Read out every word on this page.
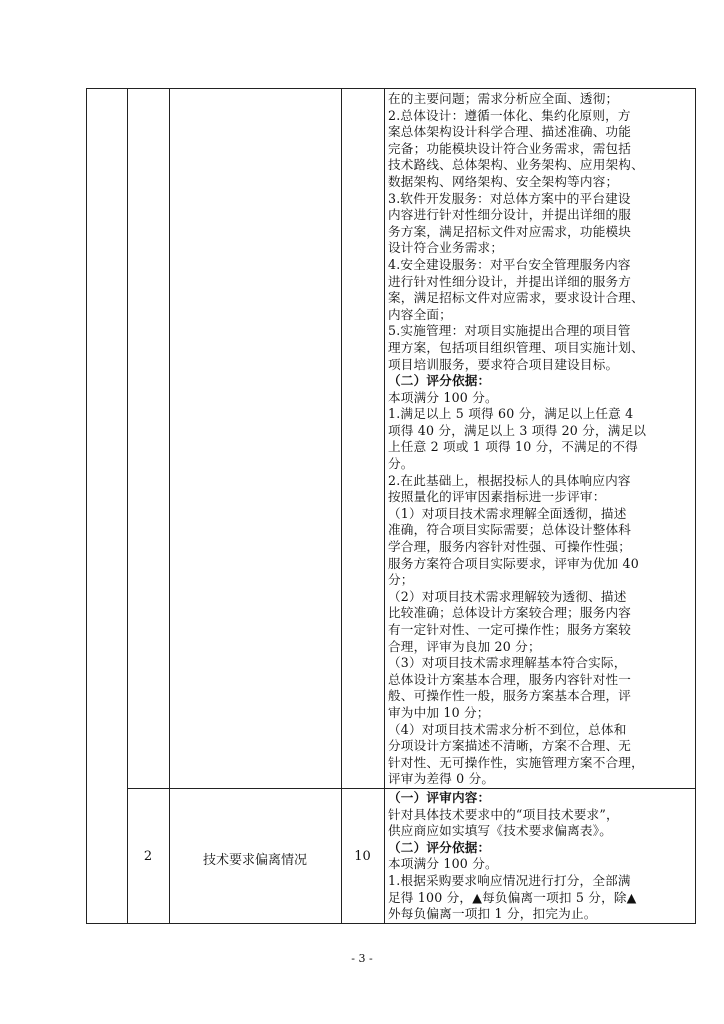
在的主要问题；需求分析应全面、透彻；

2.总体设计：遵循一体化、集约化原则，方

案总体架构设计科学合理、描述准确、功能

完备；功能模块设计符合业务需求，需包括

技术路线、总体架构、业务架构、应用架构、

数据架构、网络架构、安全架构等内容；

3.软件开发服务：对总体方案中的平台建设

内容进行针对性细分设计，并提出详细的服

务方案，满足招标文件对应需求，功能模块

设计符合业务需求；

4.安全建设服务：对平台安全管理服务内容

进行针对性细分设计，并提出详细的服务方

案，满足招标文件对应需求，要求设计合理、

内容全面；

5.实施管理：对项目实施提出合理的项目管

理方案，包括项目组织管理、项目实施计划、

项目培训服务，要求符合项目建设目标。

（二）评分依据：

本项满分 100 分。

1.满足以上 5 项得 60 分，满足以上任意 4

项得 40 分，满足以上 3 项得 20 分，满足以

上任意 2 项或 1 项得 10 分，不满足的不得

分。

2.在此基础上，根据投标人的具体响应内容

按照量化的评审因素指标进一步评审：

（1）对项目技术需求理解全面透彻，描述

准确，符合项目实际需要；总体设计整体科

学合理，服务内容针对性强、可操作性强；

服务方案符合项目实际要求，评审为优加 40

分；

（2）对项目技术需求理解较为透彻、描述

比较准确；总体设计方案较合理；服务内容

有一定针对性、一定可操作性；服务方案较

合理，评审为良加 20 分；

（3）对项目技术需求理解基本符合实际，

总体设计方案基本合理，服务内容针对性一

般、可操作性一般，服务方案基本合理，评

审为中加 10 分；

（4）对项目技术需求分析不到位，总体和

分项设计方案描述不清晰，方案不合理、无

针对性、无可操作性，实施管理方案不合理，

评审为差得 0 分。

2	技术要求偏离情况	10

（一）评审内容：

针对具体技术要求中的“项目技术要求”，

供应商应如实填写《技术要求偏离表》。

（二）评分依据：

本项满分 100 分。

1.根据采购要求响应情况进行打分，全部满

足得 100 分，▲每负偏离一项扣 5 分，除▲

外每负偏离一项扣 1 分，扣完为止。

- 3 -
